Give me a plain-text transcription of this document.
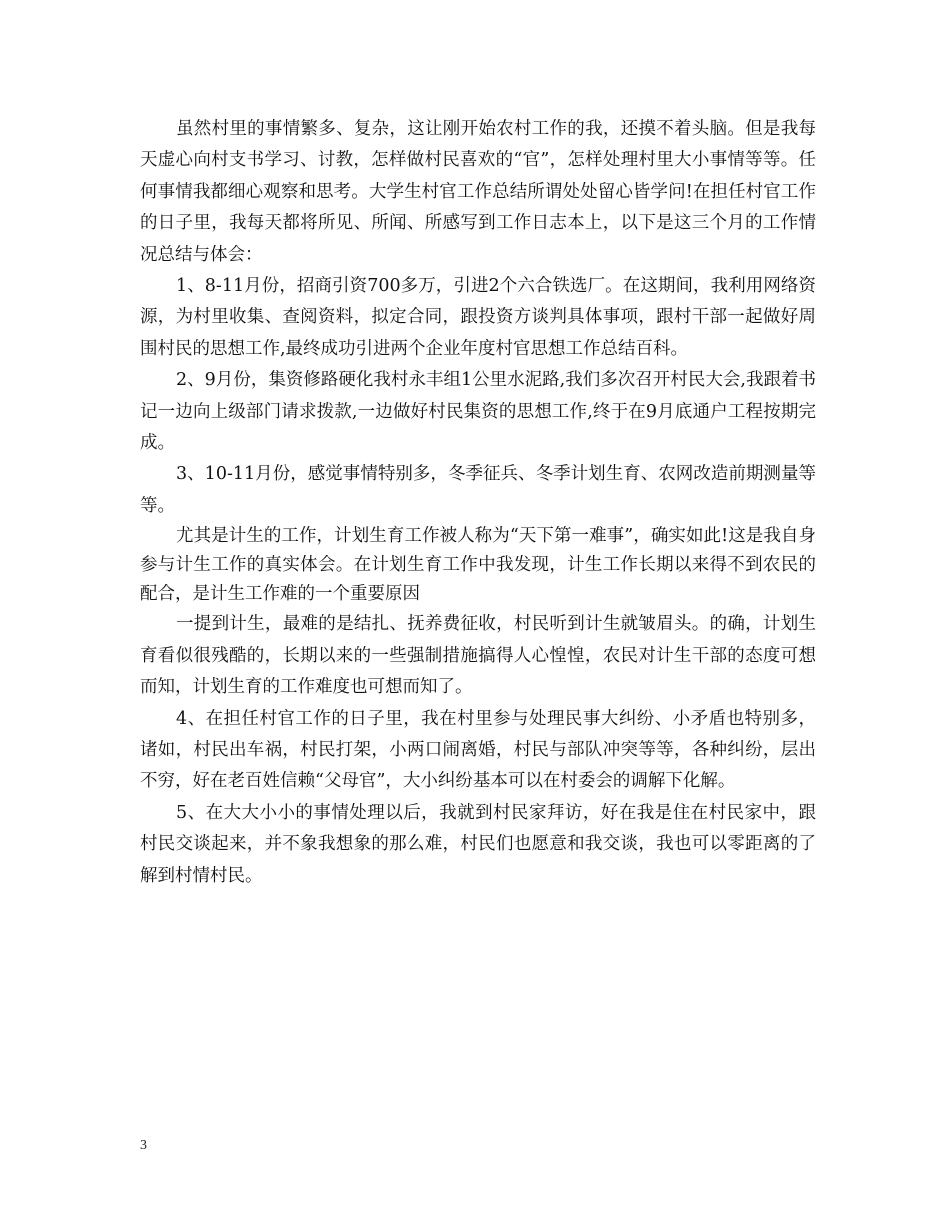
虽然村里的事情繁多、复杂，这让刚开始农村工作的我，还摸不着头脑。但是我每天虚心向村支书学习、讨教，怎样做村民喜欢的“官”，怎样处理村里大小事情等等。任何事情我都细心观察和思考。大学生村官工作总结所谓处处留心皆学问!在担任村官工作的日子里，我每天都将所见、所闻、所感写到工作日志本上，以下是这三个月的工作情况总结与体会：

1、8-11月份，招商引资700多万，引进2个六合铁选厂。在这期间，我利用网络资源，为村里收集、查阅资料，拟定合同，跟投资方谈判具体事项，跟村干部一起做好周围村民的思想工作,最终成功引进两个企业年度村官思想工作总结百科。

2、9月份，集资修路硬化我村永丰组1公里水泥路,我们多次召开村民大会,我跟着书记一边向上级部门请求拨款,一边做好村民集资的思想工作,终于在9月底通户工程按期完成。

3、10-11月份，感觉事情特别多，冬季征兵、冬季计划生育、农网改造前期测量等等。

尤其是计生的工作，计划生育工作被人称为“天下第一难事”，确实如此!这是我自身参与计生工作的真实体会。在计划生育工作中我发现，计生工作长期以来得不到农民的配合，是计生工作难的一个重要原因

一提到计生，最难的是结扎、抚养费征收，村民听到计生就皱眉头。的确，计划生育看似很残酷的，长期以来的一些强制措施搞得人心惶惶，农民对计生干部的态度可想而知，计划生育的工作难度也可想而知了。

4、在担任村官工作的日子里，我在村里参与处理民事大纠纷、小矛盾也特别多，诸如，村民出车祸，村民打架，小两口闹离婚，村民与部队冲突等等，各种纠纷，层出不穷，好在老百姓信赖“父母官”，大小纠纷基本可以在村委会的调解下化解。

5、在大大小小的事情处理以后，我就到村民家拜访，好在我是住在村民家中，跟村民交谈起来，并不象我想象的那么难，村民们也愿意和我交谈，我也可以零距离的了解到村情村民。

3
